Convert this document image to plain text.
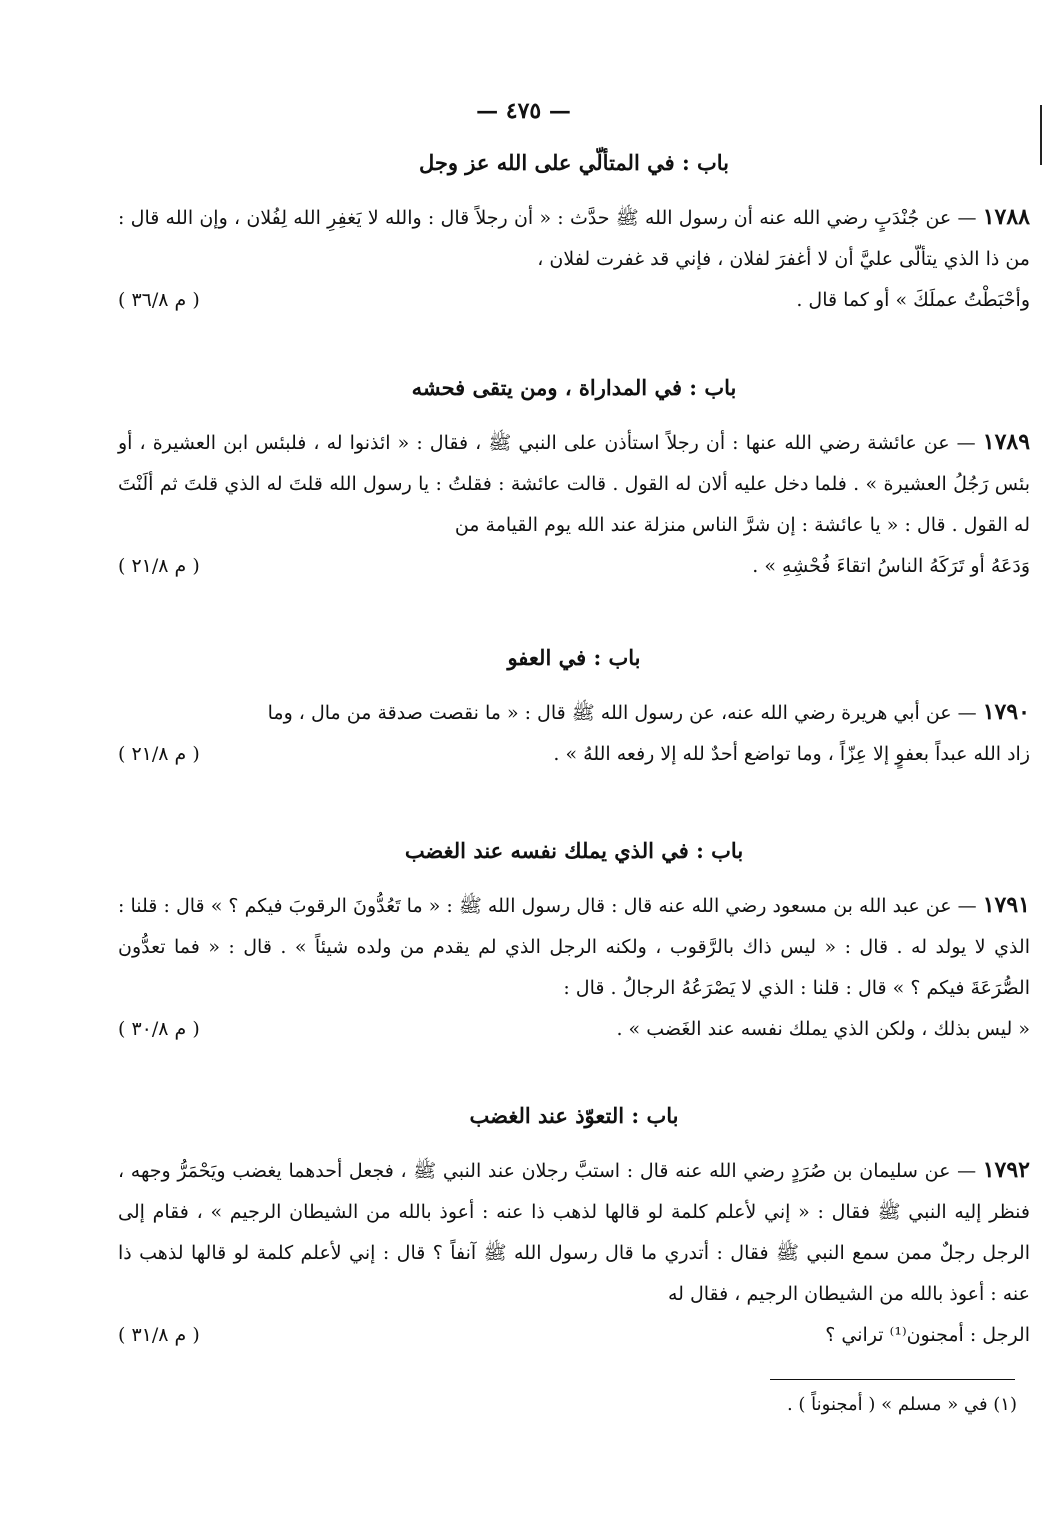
— ٤٧٥ —
باب : في المتألّي على الله عز وجل

١٧٨٨ — عن جُنْدَبٍ رضي الله عنه أن رسول الله ﷺ حدَّث : « أن رجلاً قال : والله لا يَغفِرِ الله لِفُلان ، وإن الله قال : من ذا الذي يتألّى عليَّ أن لا أغفرَ لفلان ، فإني قد غفرت لفلان ،

وأحْبَطْتُ عملَكَ » أو كما قال .
( م ٣٦/٨ )
باب : في المداراة ، ومن يتقى فحشه

١٧٨٩ — عن عائشة رضي الله عنها : أن رجلاً استأذن على النبي ﷺ ، فقال : « ائذنوا له ، فلبئس ابن العشيرة ، أو بئس رَجُلُ العشيرة » . فلما دخل عليه ألان له القول . قالت عائشة : فقلتُ : يا رسول الله قلتَ له الذي قلتَ ثم ألَنْتَ له القول . قال : « يا عائشة : إن شرَّ الناس منزلة عند الله يوم القيامة من

وَدَعَهُ أو تَرَكَهُ الناسُ اتقاءَ فُحْشِهِ » .
( م ٢١/٨ )
باب : في العفو

١٧٩٠ — عن أبي هريرة رضي الله عنه، عن رسول الله ﷺ قال : « ما نقصت صدقة من مال ، وما

زاد الله عبداً بعفوٍ إلا عِزّاً ، وما تواضع أحدٌ لله إلا رفعه اللهُ » .
( م ٢١/٨ )
باب : في الذي يملك نفسه عند الغضب

١٧٩١ — عن عبد الله بن مسعود رضي الله عنه قال : قال رسول الله ﷺ : « ما تَعُدُّونَ الرقوبَ فيكم ؟ » قال : قلنا : الذي لا يولد له . قال : « ليس ذاك بالرَّقوب ، ولكنه الرجل الذي لم يقدم من ولده شيئاً » . قال : « فما تعدُّون الصُّرَعَةَ فيكم ؟ » قال : قلنا : الذي لا يَصْرَعُهُ الرجالُ . قال :

« ليس بذلك ، ولكن الذي يملك نفسه عند الغَضب » .
( م ٣٠/٨ )
باب : التعوّذ عند الغضب

١٧٩٢ — عن سليمان بن صُرَدٍ رضي الله عنه قال : استبَّ رجلان عند النبي ﷺ ، فجعل أحدهما يغضب ويَحْمَرُّ وجهه ، فنظر إليه النبي ﷺ فقال : « إني لأعلم كلمة لو قالها لذهب ذا عنه : أعوذ بالله من الشيطان الرجيم » ، فقام إلى الرجل رجلٌ ممن سمع النبي ﷺ فقال : أتدري ما قال رسول الله ﷺ آنفاً ؟ قال : إني لأعلم كلمة لو قالها لذهب ذا عنه : أعوذ بالله من الشيطان الرجيم ، فقال له

الرجل : أمجنون⁽¹⁾ تراني ؟
( م ٣١/٨ )
(١) في « مسلم » ( أمجنوناً ) .
